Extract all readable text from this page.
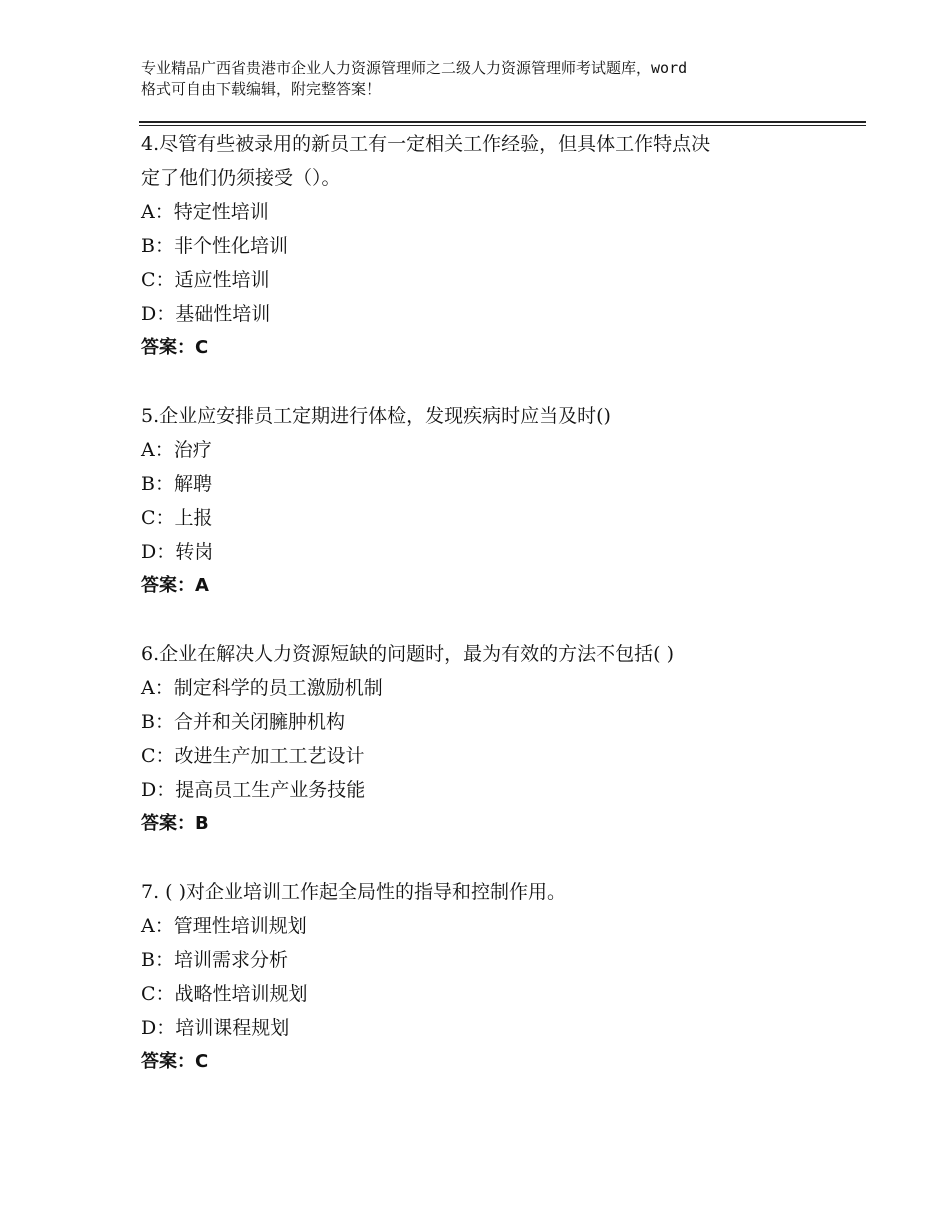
专业精品广西省贵港市企业人力资源管理师之二级人力资源管理师考试题库，word
格式可自由下载编辑，附完整答案！
4.尽管有些被录用的新员工有一定相关工作经验，但具体工作特点决
定了他们仍须接受（）。
A：特定性培训
B：非个性化培训
C：适应性培训
D：基础性培训
答案：C
5.企业应安排员工定期进行体检，发现疾病时应当及时()
A：治疗
B：解聘
C：上报
D：转岗
答案：A
6.企业在解决人力资源短缺的问题时，最为有效的方法不包括( )
A：制定科学的员工激励机制
B：合并和关闭臃肿机构
C：改进生产加工工艺设计
D：提高员工生产业务技能
答案：B
7. ( )对企业培训工作起全局性的指导和控制作用。
A：管理性培训规划
B：培训需求分析
C：战略性培训规划
D：培训课程规划
答案：C
